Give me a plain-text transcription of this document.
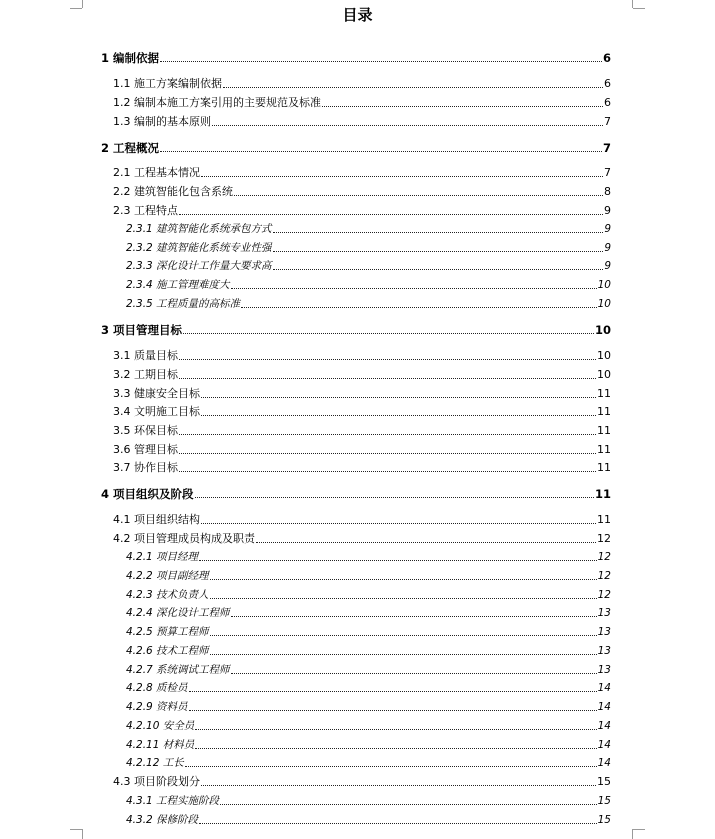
目录
1 编制依据	6
1.1 施工方案编制依据	6
1.2 编制本施工方案引用的主要规范及标准	6
1.3 编制的基本原则	7
2 工程概况	7
2.1 工程基本情况	7
2.2 建筑智能化包含系统	8
2.3 工程特点	9
2.3.1 建筑智能化系统承包方式	9
2.3.2 建筑智能化系统专业性强	9
2.3.3 深化设计工作量大要求高	9
2.3.4 施工管理难度大	10
2.3.5 工程质量的高标准	10
3 项目管理目标	10
3.1 质量目标	10
3.2 工期目标	10
3.3 健康安全目标	11
3.4 文明施工目标	11
3.5 环保目标	11
3.6 管理目标	11
3.7 协作目标	11
4 项目组织及阶段	11
4.1 项目组织结构	11
4.2 项目管理成员构成及职责	12
4.2.1 项目经理	12
4.2.2 项目副经理	12
4.2.3 技术负责人	12
4.2.4 深化设计工程师	13
4.2.5 预算工程师	13
4.2.6 技术工程师	13
4.2.7 系统调试工程师	13
4.2.8 质检员	14
4.2.9 资料员	14
4.2.10 安全员	14
4.2.11 材料员	14
4.2.12 工长	14
4.3 项目阶段划分	15
4.3.1 工程实施阶段	15
4.3.2 保修阶段	15
